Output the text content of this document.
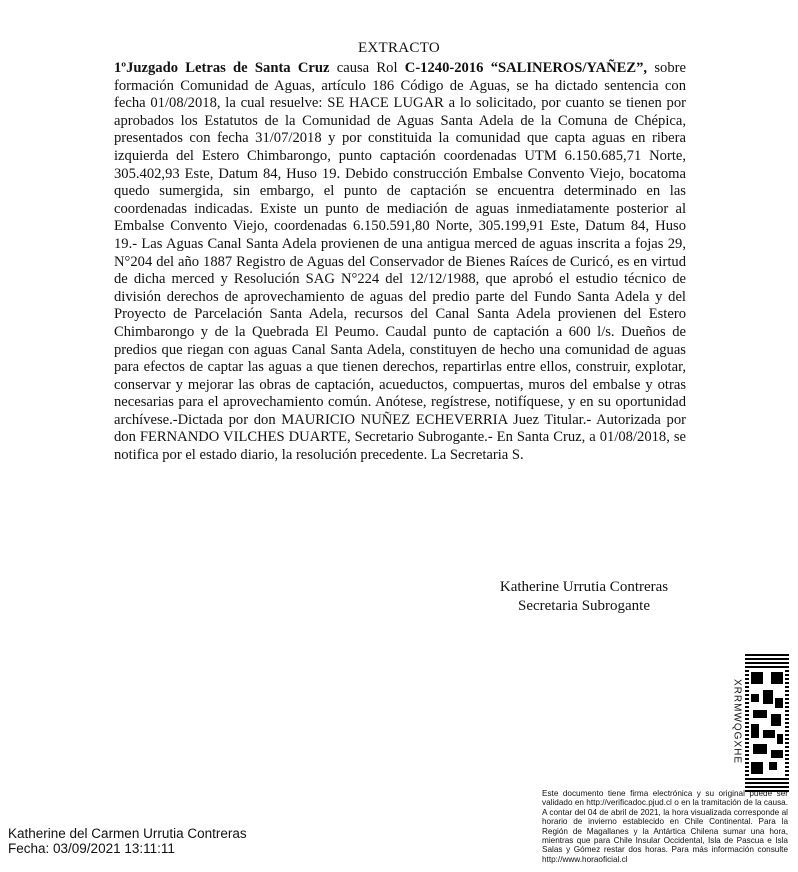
EXTRACTO
1ºJuzgado Letras de Santa Cruz causa Rol C-1240-2016 “SALINEROS/YAÑEZ”, sobre formación Comunidad de Aguas, artículo 186 Código de Aguas, se ha dictado sentencia con fecha 01/08/2018, la cual resuelve: SE HACE LUGAR a lo solicitado, por cuanto se tienen por aprobados los Estatutos de la Comunidad de Aguas Santa Adela de la Comuna de Chépica, presentados con fecha 31/07/2018 y por constituida la comunidad que capta aguas en ribera izquierda del Estero Chimbarongo, punto captación coordenadas UTM 6.150.685,71 Norte, 305.402,93 Este, Datum 84, Huso 19. Debido construcción Embalse Convento Viejo, bocatoma quedo sumergida, sin embargo, el punto de captación se encuentra determinado en las coordenadas indicadas. Existe un punto de mediación de aguas inmediatamente posterior al Embalse Convento Viejo, coordenadas 6.150.591,80 Norte, 305.199,91 Este, Datum 84, Huso 19.- Las Aguas Canal Santa Adela provienen de una antigua merced de aguas inscrita a fojas 29, N°204 del año 1887 Registro de Aguas del Conservador de Bienes Raíces de Curicó, es en virtud de dicha merced y Resolución SAG N°224 del 12/12/1988, que aprobó el estudio técnico de división derechos de aprovechamiento de aguas del predio parte del Fundo Santa Adela y del Proyecto de Parcelación Santa Adela, recursos del Canal Santa Adela provienen del Estero Chimbarongo y de la Quebrada El Peumo. Caudal punto de captación a 600 l/s. Dueños de predios que riegan con aguas Canal Santa Adela, constituyen de hecho una comunidad de aguas para efectos de captar las aguas a que tienen derechos, repartirlas entre ellos, construir, explotar, conservar y mejorar las obras de captación, acueductos, compuertas, muros del embalse y otras necesarias para el aprovechamiento común. Anótese, regístrese, notifíquese, y en su oportunidad archívese.-Dictada por don MAURICIO NUÑEZ ECHEVERRIA Juez Titular.- Autorizada por don FERNANDO VILCHES DUARTE, Secretario Subrogante.- En Santa Cruz, a 01/08/2018, se notifica por el estado diario, la resolución precedente. La Secretaria S.
Katherine Urrutia Contreras
Secretaria Subrogante
XRRMWQGXHE
Este documento tiene firma electrónica y su original puede ser validado en http://verificadoc.pjud.cl o en la tramitación de la causa. A contar del 04 de abril de 2021, la hora visualizada corresponde al horario de invierno establecido en Chile Continental. Para la Región de Magallanes y la Antártica Chilena sumar una hora, mientras que para Chile Insular Occidental, Isla de Pascua e Isla Salas y Gómez restar dos horas. Para más información consulte http://www.horaoficial.cl
Katherine del Carmen Urrutia Contreras
Fecha: 03/09/2021 13:11:11
